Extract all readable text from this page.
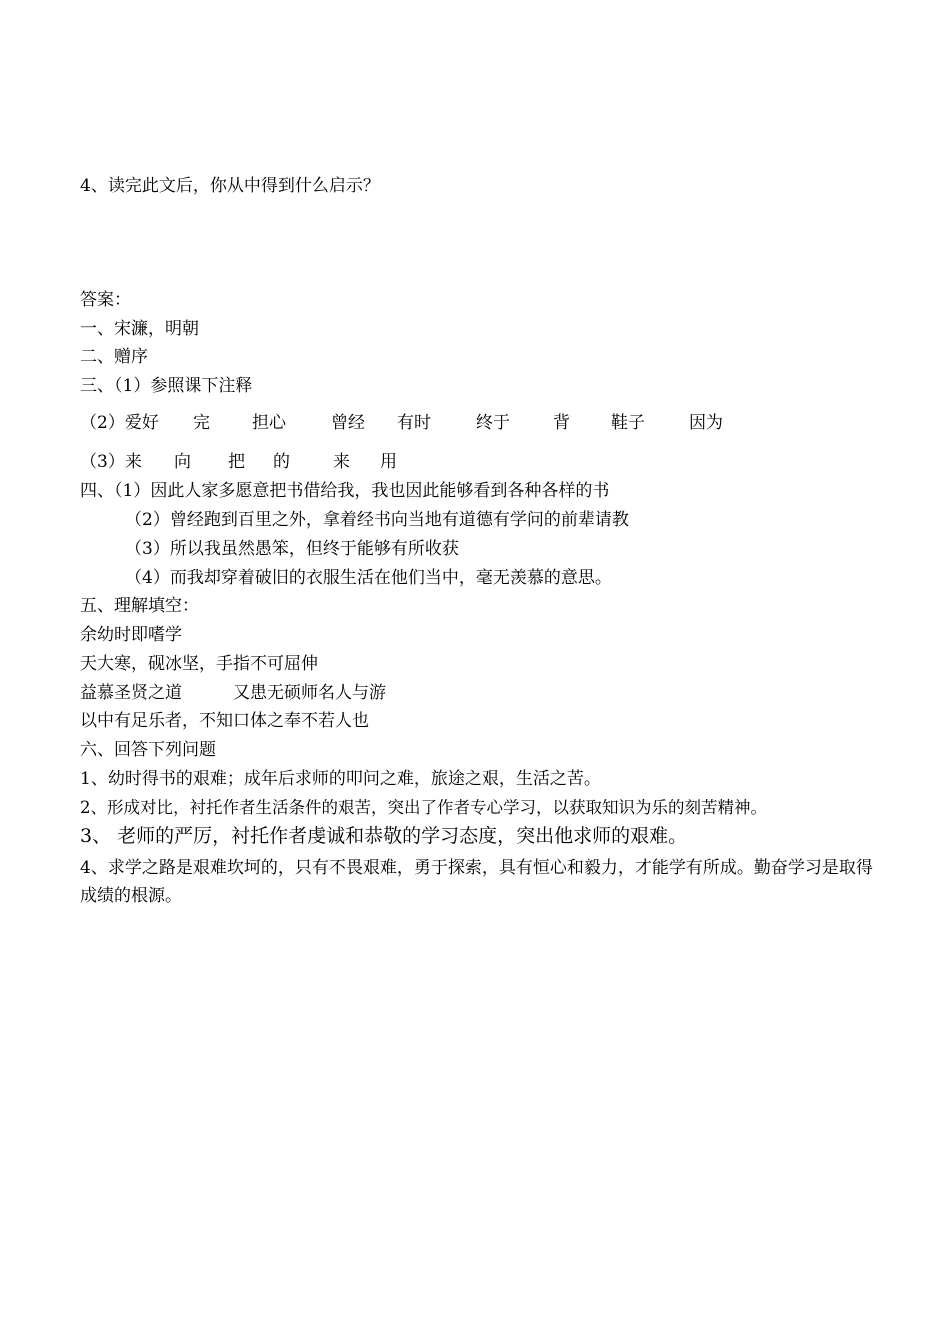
4、读完此文后，你从中得到什么启示？
答案：
一、宋濂，明朝
二、赠序
三、（1）参照课下注释
（2）爱好 完 担心	曾经 有时	终于	背 鞋子	因为
（3）来 向 把 的	来 用
四、（1）因此人家多愿意把书借给我，我也因此能够看到各种各样的书
（2）曾经跑到百里之外，拿着经书向当地有道德有学问的前辈请教
（3）所以我虽然愚笨，但终于能够有所收获
（4）而我却穿着破旧的衣服生活在他们当中，毫无羡慕的意思。
五、理解填空：
余幼时即嗜学
天大寒，砚冰坚，手指不可屈伸
益慕圣贤之道	又患无硕师名人与游
以中有足乐者，不知口体之奉不若人也
六、回答下列问题
1、幼时得书的艰难；成年后求师的叩问之难，旅途之艰，生活之苦。
2、形成对比，衬托作者生活条件的艰苦，突出了作者专心学习，以获取知识为乐的刻苦精神。
3、 老师的严厉，衬托作者虔诚和恭敬的学习态度，突出他求师的艰难。
4、求学之路是艰难坎坷的，只有不畏艰难，勇于探索，具有恒心和毅力，才能学有所成。勤奋学习是取得成绩的根源。
